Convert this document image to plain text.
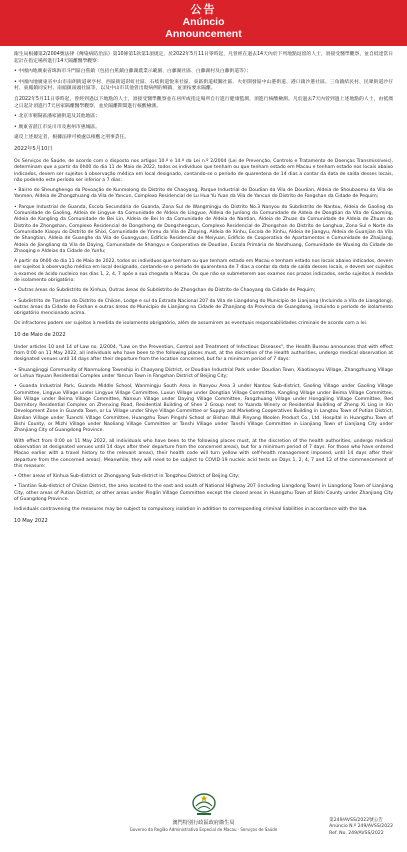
公告
Anúncio
Announcement

衞生局根據第2/2004號法律《傳染病防治法》第10條第1款第1項規定，於2022年5月11日零時起，凡曾經在過去14天內於下列地點逗留的人士，須接受醫學觀察，並自抵達當日起計在指定場所進行14天隔離醫學觀察：

• 中國內地廣東省珠海市斗門區白蕉鎮（包括白蕉鎮白藤湖農業示範園、白藤湖社區、白藤湖村及白藤街道等）；

• 中國內地廣東省中山市南朗街道翠亨村、西區街道彩虹社區、石岐街道悅來社區、東區街道岐關社區、火炬開發區中山港街道、港口鎮沙港社區、三角鎮結民村、民眾街道沙仔村、東鳳鎮同安村、南頭鎮南頭社區等，以及中山市其他曾出現病例的鄉鎮，並須按要求隔離。

自2022年5月11日零時起，曾經到過以下地點的人士，須接受醫學觀察並在居所或指定場所自行進行健康監測，須進行核酸檢測。凡於過去7天內曾到過上述地點的人士，由抵澳之日起計須進行7天居家隔離醫學觀察，並於隔離期間進行核酸檢測。

• 北京市朝陽區潘家園街道及其他地區；

• 廣東省湛江市吳川市及惠州市惠城區。

違反上述規定者，根據法律可被處以相應之刑事責任。

2022年5月10日

Os Serviços de Saúde, de acordo com o disposto nos artigos 10.º e 14.º da Lei n.º 2/2004 (Lei de Prevenção, Controlo e Tratamento de Doenças Transmissíveis), determinam que a partir da 0h00 do dia 11 de Maio de 2022, todos os indivíduos que tenham ou que tenham estado em Macau e tenham estado nos locais abaixo indicados, devem ser sujeitos à observação médica em local designado, contando-se o período de quarentena de 14 dias a contar da data de saída desses locais, não podendo este período ser inferior a 7 dias:

• Bairro do Sheunghengo da Povoação de Kunmolong do Distrito de Chaoyang, Parque Industrial de Doudian da Vila de Doudian, Aldeia de Shoubaomu da Vila de Yanmen, Aldeia de Zhangzhuang da Vila de Yancun, Complexo Residencial de Lu Hua Yu Yuan da Vila de Yancun do Distrito de Fangshan da Cidade de Pequim;

• Parque Industrial de Guanda, Escola Secundária de Guanda, Zona Sul de Wangmingju do Distrito No.3 Nanyou do Subdistrito de Nantou, Aldeia de Gaoling da Comunidade de Gaoling, Aldeia de Lingyue da Comunidade de Aldeia de Lingyue, Aldeia de Junlong da Comunidade de Aldeia de Dongtian da Vila de Gaoming, Aldeia de Kangling da Comunidade de Bei Lin, Aldeia de Bei In da Comunidade de Aldeia de Nantian, Aldeia de Zhuan da Comunidade de Aldeia de Zhuan do Distrito de Zhongshan, Complexo Residencial de Dongsheng de Dongshengcun, Complexo Residencial de Zhongshan do Distrito de Longhua, Zona Sul e Norte da Comunidade Xiaoyu do Distrito de Shixi, Comunidade de Yinmu da Vila de Zhaying, Aldeia de Xinhu, Escola de Xinhu, Aldeia de Jiangyu, Aldeia de Guanjian da Vila de Shangtian, Aldeia de Guanghe da Vila de Guangyuan, Edifício Residencial de Meiyuan, Edifício de Cooperativa de Apartamentos e Comunidade de Zhaijiang, Aldeia de Jiangliang da Vila de Daying, Comunidade de Shangyu e Cooperativa de Doudian, Escola Primária de Nanzhuang, Comunidade de Wuxing da Cidade de Zhaoqing e Aldeias da Cidade de Yunfu;

A partir da 0h00 do dia 11 de Maio de 2022, todos os indivíduos que tenham ou que tenham estado em Macau e tenham estado nos locais abaixo indicados, devem ser sujeitos à observação médica em local designado, contando-se o período de quarentena de 7 dias a contar da data de saída desses locais, e devem ser sujeitos a exames de ácido nucleico nos dias 1, 2, 4, 7 após a sua chegada a Macau. Os que não se submeterem aos exames nos prazos indicados, serão sujeitos à medida de isolamento obrigatório:

• Outras áreas do Subdistrito de Xinhua, Outras áreas do Subdistrito de Zhongshan do Distrito de Chaoyang da Cidade de Pequim;

• Subdistrito de Tiantian do Distrito de Chikan, Lodge e sul da Estrada Nacional 207 da Vila de Liangdong do Município de Lianjiang (Incluindo a Vila de Liangdong), outras áreas da Cidade de Foshan e outras áreas do Município de Lianjiang na Cidade de Zhanjiang da Província de Guangdong, incluindo o período de isolamento obrigatório mencionado acima.

Os infractores podem ser sujeitos à medida de isolamento obrigatório, além de assumirem as eventuais responsabilidades criminais de acordo com a lei.

10 de Maio de 2022

Under articles 10 and 14 of Law no. 2/2004, "Law on the Prevention, Control and Treatment of Infectious Diseases", the Health Bureau announces that with effect from 0:00 on 11 May 2022, all individuals who have been to the following places must, at the discretion of the Health authorities, undergo medical observation at designated venues until 14 days after their departure from the location concerned, but for a minimum period of 7 days:

• Shuangjinggi Community of Nanmulong Township in Chaoyang District, or Doudian Industrial Park under Doudian Town, Xiaotiaoyou Village, Zhangzhuang Village or Lvhua Yayuan Residential Complex under Yancun Town in Fangshan District of Beijing City;

• Guanda Industrial Park, Guanda Middle School, Wanmingju South Area in Nanyou Area 3 under Nantou Sub-district, Gaoling Village under Gaoling Village Committee, Lingyue Village under Lingyue Village Committee, Luxun Village under Dongtian Village Committee, Kangling Village under Beima Village Committee, Bei Village under Beima Village Committee, Nanxun Village under Daying Village Committee, Fangzhuang Village under Hongqiling Village Committee, Red Dormitory Residential Complex on Zhenxing Road, Residential Building of Shen 2 Group next to Yuanda Winery or Residential Building of Zheng Xi Ling in Xin Development Zone in Guanda Town, or Lu Village under Shiye Village Committee or Supply and Marketing Cooperatives Building in Langtou Town of Putian District, Banlian Village under Tuanchi Village Committee, Huangzhu Town Pingshi School or Bishan Wuli Pinyang Woolen Product Co., Ltd. Hospital in Huangzhu Town of Bishi County, or Mizhi Village under Naoliang Village Committee or Tanshi Village under Tanshi Village Committee in Lianjiang Town of Lianjiang City under Zhanjiang City of Guangdong Province.

With effect from 0:00 on 11 May 2022, all individuals who have been to the following places must, at the discretion of the health authorities, undergo medical observation at designated venues until 14 days after their departure from the concerned areas), but for a minimum period of 7 days. For those who have entered Macao earlier with a travel history to the relevant areas), their health code will turn yellow with self-health management imposed, until 14 days after their departure from the concerned areas). Meanwhile, they will need to be subject to COVID-19 nucleic acid tests on Days 1, 2, 4, 7 and 12 of the commencement of this measure:

• Other areas of Xinhua Sub-district or Zhongyang Sub-district in Tongzhou District of Beijing City;

• Tiantian Sub-district of Chikan District, the area located to the east and south of National Highway 207 (including Liangdong Town) in Liangdong Town of Lianjiang City, other areas of Putian District, or other areas under Pinglin Village Committee except the closed areas in Huangzhu Town of Bishi County under Zhanjiang City of Guangdong Province.

Individuals contravening the measures may be subject to compulsory isolation in addition to corresponding criminal liabilities in accordance with the law.

10 May 2022
澳門特別行政區政府衞生局
Governo da Região Administrativa Especial de Macau · Serviços de Saúde
第249/AVSS/2022號公告
Anúncio N.º 249/AVSS/2022
Ref. No. 249/AVSS/2022
